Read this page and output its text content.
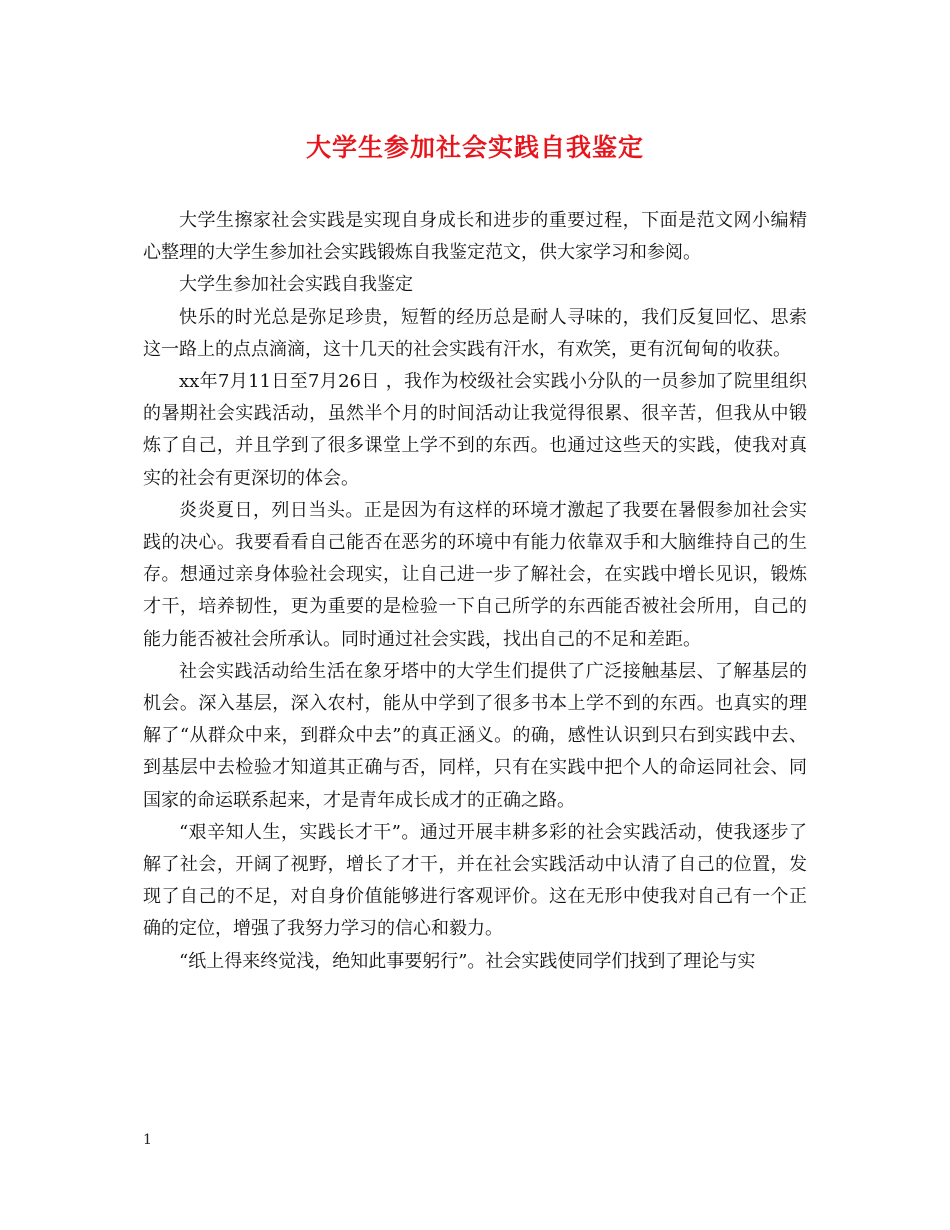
大学生参加社会实践自我鉴定

大学生擦家社会实践是实现自身成长和进步的重要过程，下面是范文网小编精心整理的大学生参加社会实践锻炼自我鉴定范文，供大家学习和参阅。

大学生参加社会实践自我鉴定

快乐的时光总是弥足珍贵，短暂的经历总是耐人寻味的，我们反复回忆、思索这一路上的点点滴滴，这十几天的社会实践有汗水，有欢笑，更有沉甸甸的收获。

xx年7月11日至7月26日 ，我作为校级社会实践小分队的一员参加了院里组织的暑期社会实践活动，虽然半个月的时间活动让我觉得很累、很辛苦，但我从中锻炼了自己，并且学到了很多课堂上学不到的东西。也通过这些天的实践，使我对真实的社会有更深切的体会。

炎炎夏日，列日当头。正是因为有这样的环境才激起了我要在暑假参加社会实践的决心。我要看看自己能否在恶劣的环境中有能力依靠双手和大脑维持自己的生存。想通过亲身体验社会现实，让自己进一步了解社会，在实践中增长见识，锻炼才干，培养韧性，更为重要的是检验一下自己所学的东西能否被社会所用，自己的能力能否被社会所承认。同时通过社会实践，找出自己的不足和差距。

社会实践活动给生活在象牙塔中的大学生们提供了广泛接触基层、了解基层的机会。深入基层，深入农村，能从中学到了很多书本上学不到的东西。也真实的理解了“从群众中来，到群众中去”的真正涵义。的确，感性认识到只右到实践中去、到基层中去检验才知道其正确与否，同样，只有在实践中把个人的命运同社会、同国家的命运联系起来，才是青年成长成才的正确之路。

“艰辛知人生，实践长才干”。通过开展丰耕多彩的社会实践活动，使我逐步了解了社会，开阔了视野，增长了才干，并在社会实践活动中认清了自己的位置，发现了自己的不足，对自身价值能够进行客观评价。这在无形中使我对自己有一个正确的定位，增强了我努力学习的信心和毅力。

“纸上得来终觉浅，绝知此事要躬行”。社会实践使同学们找到了理论与实

1
